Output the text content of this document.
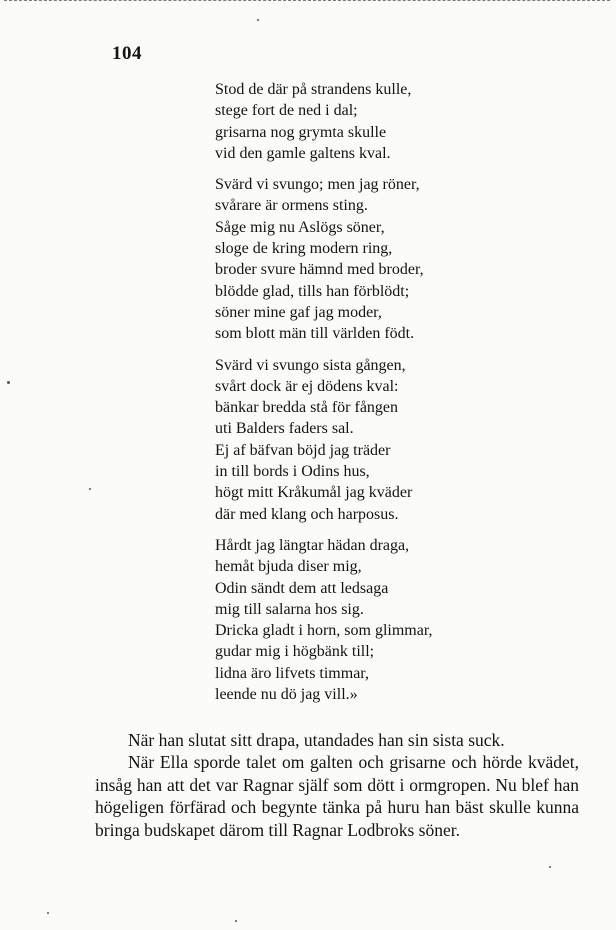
104
Stod de där på strandens kulle,
stege fort de ned i dal;
grisarna nog grymta skulle
vid den gamle galtens kval.
Svärd vi svungo; men jag röner,
svårare är ormens sting.
Såge mig nu Aslögs söner,
sloge de kring modern ring,
broder svure hämnd med broder,
blödde glad, tills han förblödt;
söner mine gaf jag moder,
som blott män till världen födt.
Svärd vi svungo sista gången,
svårt dock är ej dödens kval:
bänkar bredda stå för fången
uti Balders faders sal.
Ej af bäfvan böjd jag träder
in till bords i Odins hus,
högt mitt Kråkumål jag kväder
där med klang och harposus.
Hårdt jag längtar hädan draga,
hemåt bjuda diser mig,
Odin sändt dem att ledsaga
mig till salarna hos sig.
Dricka gladt i horn, som glimmar,
gudar mig i högbänk till;
lidna äro lifvets timmar,
leende nu dö jag vill.»

När han slutat sitt drapa, utandades han sin sista suck.

När Ella sporde talet om galten och grisarne och hörde kvädet, insåg han att det var Ragnar själf som dött i ormgropen. Nu blef han högeligen förfärad och begynte tänka på huru han bäst skulle kunna bringa budskapet därom till Ragnar Lodbroks söner.
